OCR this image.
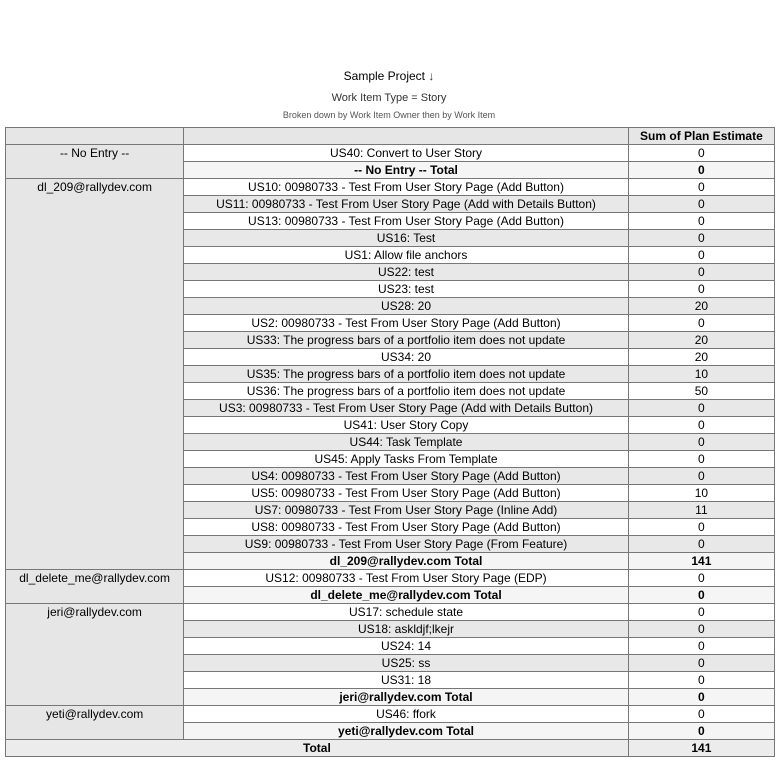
Sample Project ↓
Work Item Type = Story
Broken down by Work Item Owner then by Work Item
		Sum of Plan Estimate
-- No Entry --	US40: Convert to User Story	0
	-- No Entry -- Total	0
dl_209@rallydev.com	US10: 00980733 - Test From User Story Page (Add Button)	0
	US11: 00980733 - Test From User Story Page (Add with Details Button)	0
	US13: 00980733 - Test From User Story Page (Add Button)	0
	US16: Test	0
	US1: Allow file anchors	0
	US22: test	0
	US23: test	0
	US28: 20	20
	US2: 00980733 - Test From User Story Page (Add Button)	0
	US33: The progress bars of a portfolio item does not update	20
	US34: 20	20
	US35: The progress bars of a portfolio item does not update	10
	US36: The progress bars of a portfolio item does not update	50
	US3: 00980733 - Test From User Story Page (Add with Details Button)	0
	US41: User Story Copy	0
	US44: Task Template	0
	US45: Apply Tasks From Template	0
	US4: 00980733 - Test From User Story Page (Add Button)	0
	US5: 00980733 - Test From User Story Page (Add Button)	10
	US7: 00980733 - Test From User Story Page (Inline Add)	11
	US8: 00980733 - Test From User Story Page (Add Button)	0
	US9: 00980733 - Test From User Story Page (From Feature)	0
	dl_209@rallydev.com Total	141
dl_delete_me@rallydev.com	US12: 00980733 - Test From User Story Page (EDP)	0
	dl_delete_me@rallydev.com Total	0
jeri@rallydev.com	US17: schedule state	0
	US18: askldjf;lkejr	0
	US24: 14	0
	US25: ss	0
	US31: 18	0
	jeri@rallydev.com Total	0
yeti@rallydev.com	US46: ffork	0
	yeti@rallydev.com Total	0
Total		141
